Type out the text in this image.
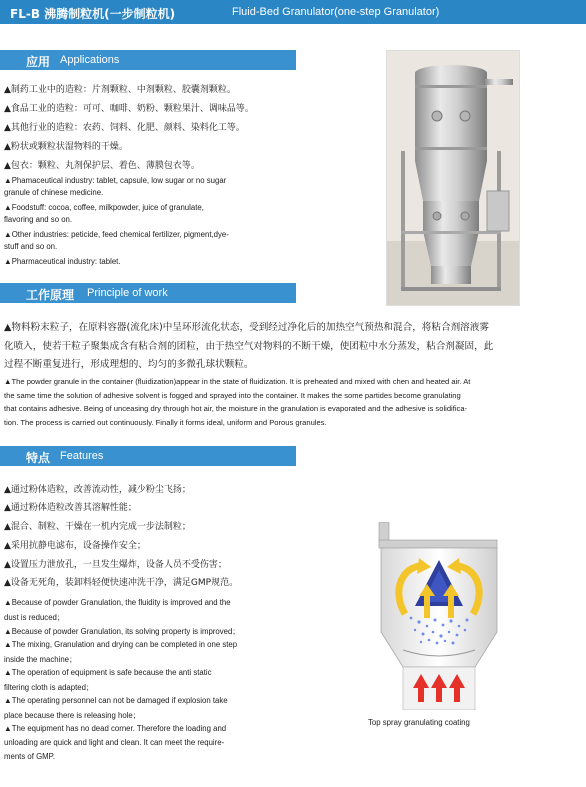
FL-B 沸腾制粒机(一步制粒机)	Fluid-Bed Granulator(one-step Granulator)
应用 Applications
▲制药工业中的造粒：片剂颗粒、中剂颗粒、胶囊剂颗粒。
▲食品工业的造粒：可可、咖啡、奶粉、颗粒果汁、调味品等。
▲其他行业的造粒：农药、饲料、化肥、颜料、染料化工等。
▲粉状或颗粒状湿物料的干燥。
▲包衣：颗粒、丸剂保护层、着色、薄膜包衣等。
▲Phamaceutical industry: tablet, capsule, low sugar or no sugar
granule of chinese medicine.
▲Foodstuff: cocoa, coffee, milkpowder, juice of granulate,
flavoring and so on.
▲Other industries: peticide, feed chemical fertilizer, pigment,dye-
stuff and so on.
▲Pharmaceutical industry: tablet.
工作原理 Principle of work
▲物料粉末粒子，在原料容器(流化床)中呈环形流化状态，受到经过净化后的加热空气预热和混合，将粘合剂溶液雾
化喷入，使若干粒子聚集成含有粘合剂的团粒，由于热空气对物料的不断干燥，使团粒中水分蒸发，粘合剂凝固，此
过程不断重复进行，形成理想的、均匀的多微孔球状颗粒。
▲The powder granule in the container (fluidization)appear in the state of fluidization. It is preheated and mixed with chen and heated air. At
the same time the solution of adhesive solvent is fogged and sprayed into the container. It makes the some partides become granulating
that contains adhesive. Being of unceasing dry through hot air, the moisture in the granulation is evaporated and the adhesive is solidifica-
tion. The process is carried out continuously. Finally it forms ideal, uniform and Porous granules.
特点 Features
▲通过粉体造粒，改善流动性，减少粉尘飞扬；
▲通过粉体造粒改善其溶解性能；
▲混合、制粒、干燥在一机内完成一步法制粒；
▲采用抗静电滤布，设备操作安全；
▲设置压力泄放孔，一旦发生爆炸，设备人员不受伤害；
▲设备无死角，装卸料轻便快速冲洗干净，满足GMP规范。
▲Because of powder Granulation, the fluidity is improved and the
dust is reduced；
▲Because of powder Granulation, its solving property is improved；
▲The mixing, Granulation and drying can be completed in one step
inside the machine；
▲The operation of equipment is safe because the anti static
filtering cloth is adapted；
▲The operating personnel can not be damaged if explosion take
place because there is releasing hole；
▲The equipment has no dead corner. Therefore the loading and
unloading are quick and light and clean. It can meet the require-
ments of GMP.
Top spray granulating coating
